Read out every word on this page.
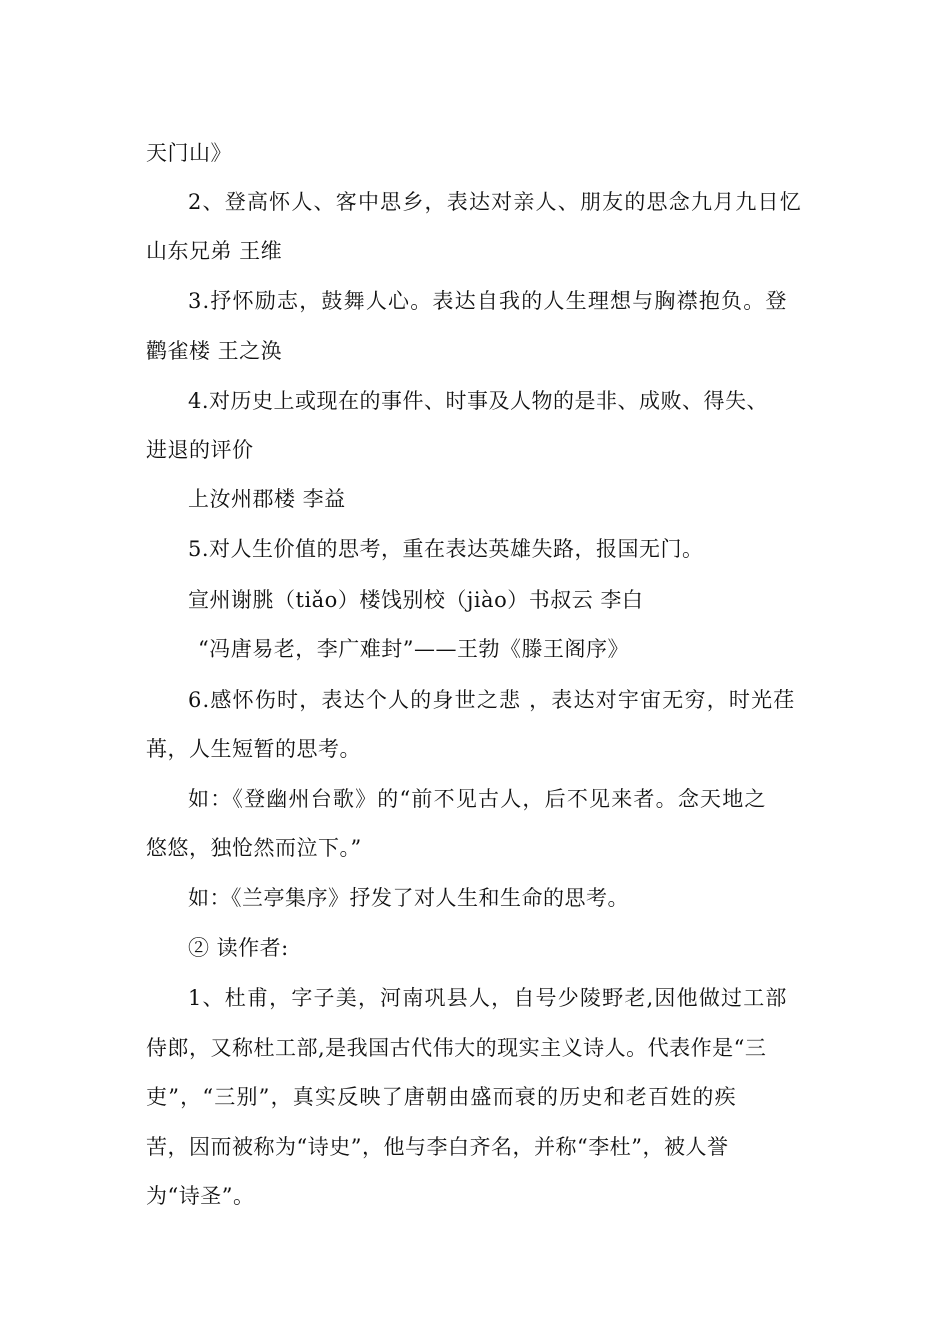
天门山》
2、登高怀人、客中思乡，表达对亲人、朋友的思念九月九日忆
山东兄弟 王维
3.抒怀励志，鼓舞人心。表达自我的人生理想与胸襟抱负。登
鹳雀楼 王之涣
4.对历史上或现在的事件、时事及人物的是非、成败、得失、
进退的评价
上汝州郡楼 李益
5.对人生价值的思考，重在表达英雄失路，报国无门。
宣州谢朓（tiǎo）楼饯别校（jiào）书叔云 李白
“冯唐易老，李广难封”——王勃《滕王阁序》
6.感怀伤时，表达个人的身世之悲 ，表达对宇宙无穷，时光荏
苒，人生短暂的思考。
如：《登幽州台歌》的“前不见古人，后不见来者。念天地之
悠悠，独怆然而泣下。”
如：《兰亭集序》抒发了对人生和生命的思考。
② 读作者:
1、杜甫，字子美，河南巩县人，自号少陵野老,因他做过工部
侍郎，又称杜工部,是我国古代伟大的现实主义诗人。代表作是“三
吏”，“三别”，真实反映了唐朝由盛而衰的历史和老百姓的疾
苦，因而被称为“诗史”，他与李白齐名，并称“李杜”，被人誉
为“诗圣”。
